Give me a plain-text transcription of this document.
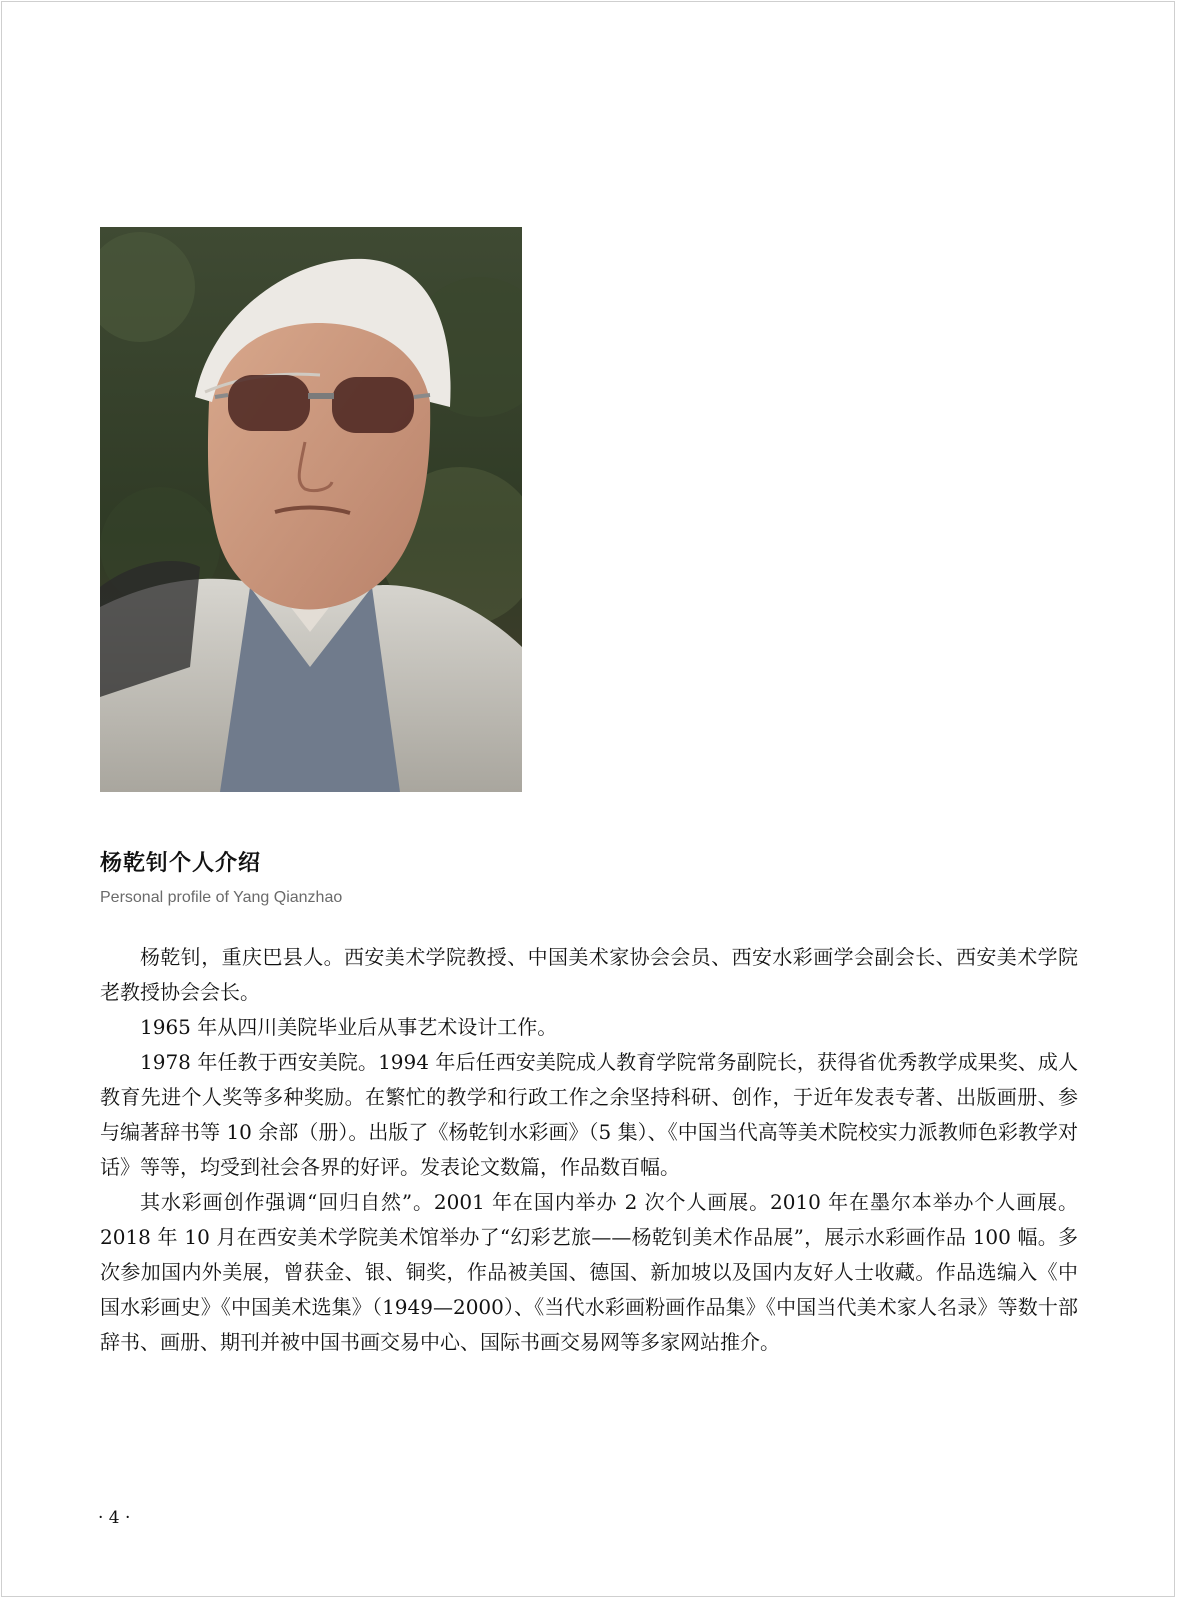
杨乾钊个人介绍
Personal profile of Yang Qianzhao

杨乾钊，重庆巴县人。西安美术学院教授、中国美术家协会会员、西安水彩画学会副会长、西安美术学院老教授协会会长。

1965 年从四川美院毕业后从事艺术设计工作。

1978 年任教于西安美院。1994 年后任西安美院成人教育学院常务副院长，获得省优秀教学成果奖、成人教育先进个人奖等多种奖励。在繁忙的教学和行政工作之余坚持科研、创作，于近年发表专著、出版画册、参与编著辞书等 10 余部（册）。出版了《杨乾钊水彩画》（5 集）、《中国当代高等美术院校实力派教师色彩教学对话》等等，均受到社会各界的好评。发表论文数篇，作品数百幅。

其水彩画创作强调“回归自然”。2001 年在国内举办 2 次个人画展。2010 年在墨尔本举办个人画展。2018 年 10 月在西安美术学院美术馆举办了“幻彩艺旅——杨乾钊美术作品展”，展示水彩画作品 100 幅。多次参加国内外美展，曾获金、银、铜奖，作品被美国、德国、新加坡以及国内友好人士收藏。作品选编入《中国水彩画史》《中国美术选集》（1949—2000）、《当代水彩画粉画作品集》《中国当代美术家人名录》等数十部辞书、画册、期刊并被中国书画交易中心、国际书画交易网等多家网站推介。

· 4 ·
